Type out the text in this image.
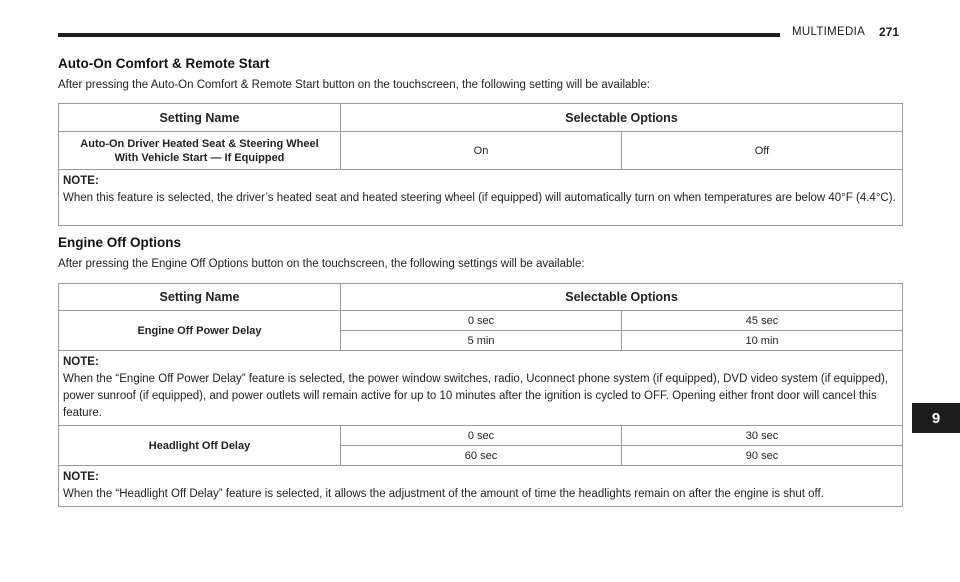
MULTIMEDIA 271
9
Auto-On Comfort & Remote Start
After pressing the Auto-On Comfort & Remote Start button on the touchscreen, the following setting will be available:
Setting Name	Selectable Options	

Auto-On Driver Heated Seat & Steering Wheel
With Vehicle Start — If Equipped	On	Off

NOTE:
When this feature is selected, the driver’s heated seat and heated steering wheel (if equipped) will automatically turn on when temperatures are below 40°F (4.4°C).		
Engine Off Options
After pressing the Engine Off Options button on the touchscreen, the following settings will be available:
Setting Name	Selectable Options	
Engine Off Power Delay	0 sec	45 sec
	5 min	10 min

NOTE:
When the “Engine Off Power Delay” feature is selected, the power window switches, radio, Uconnect phone system (if equipped), DVD video system (if equipped), power sunroof (if equipped), and power outlets will remain active for up to 10 minutes after the ignition is cycled to OFF. Opening either front door will cancel this feature.		
Headlight Off Delay	0 sec	30 sec
	60 sec	90 sec

NOTE:
When the “Headlight Off Delay” feature is selected, it allows the adjustment of the amount of time the headlights remain on after the engine is shut off.		
